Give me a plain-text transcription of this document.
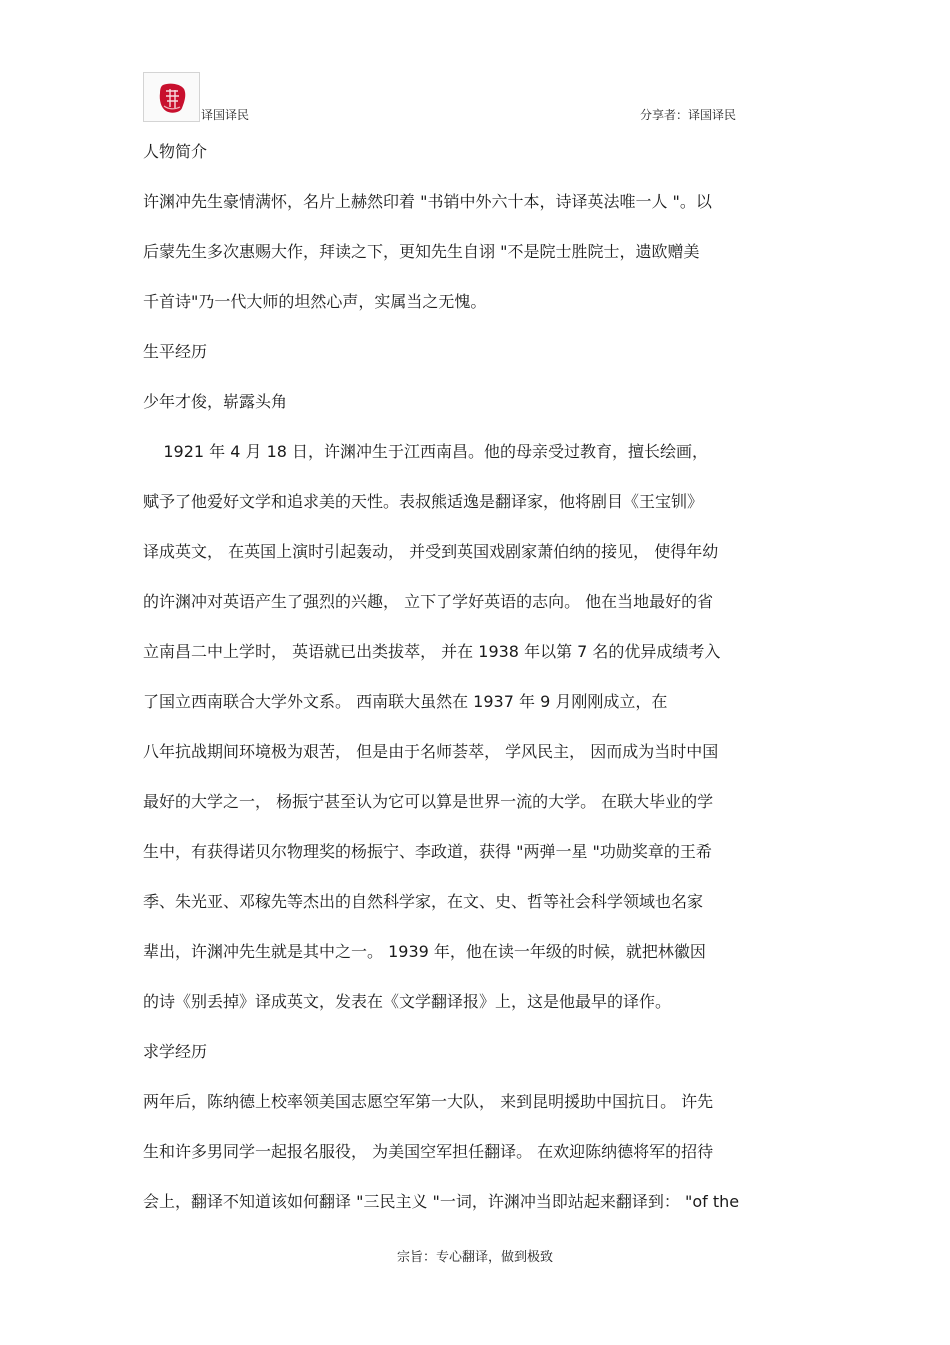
译国译民	分享者：译国译民
人物简介
许渊冲先生豪情满怀，名片上赫然印着 "书销中外六十本，诗译英法唯一人 "。以
后蒙先生多次惠赐大作，拜读之下，更知先生自诩 "不是院士胜院士，遗欧赠美
千首诗"乃一代大师的坦然心声，实属当之无愧。
生平经历
少年才俊，崭露头角
1921 年 4 月 18 日，许渊冲生于江西南昌。他的母亲受过教育，擅长绘画，
赋予了他爱好文学和追求美的天性。表叔熊适逸是翻译家，他将剧目《王宝钏》
译成英文， 在英国上演时引起轰动， 并受到英国戏剧家萧伯纳的接见， 使得年幼
的许渊冲对英语产生了强烈的兴趣， 立下了学好英语的志向。 他在当地最好的省
立南昌二中上学时， 英语就已出类拔萃， 并在 1938 年以第 7 名的优异成绩考入
了国立西南联合大学外文系。 西南联大虽然在 1937 年 9 月刚刚成立，在
八年抗战期间环境极为艰苦， 但是由于名师荟萃， 学风民主， 因而成为当时中国
最好的大学之一， 杨振宁甚至认为它可以算是世界一流的大学。 在联大毕业的学
生中，有获得诺贝尔物理奖的杨振宁、李政道，获得 "两弹一星 "功勋奖章的王希
季、朱光亚、邓稼先等杰出的自然科学家，在文、史、哲等社会科学领域也名家
辈出，许渊冲先生就是其中之一。 1939 年，他在读一年级的时候，就把林徽因
的诗《别丢掉》译成英文，发表在《文学翻译报》上，这是他最早的译作。
求学经历
两年后，陈纳德上校率领美国志愿空军第一大队， 来到昆明援助中国抗日。 许先
生和许多男同学一起报名服役， 为美国空军担任翻译。 在欢迎陈纳德将军的招待
会上，翻译不知道该如何翻译 "三民主义 "一词，许渊冲当即站起来翻译到： "of the
宗旨：专心翻译，做到极致
